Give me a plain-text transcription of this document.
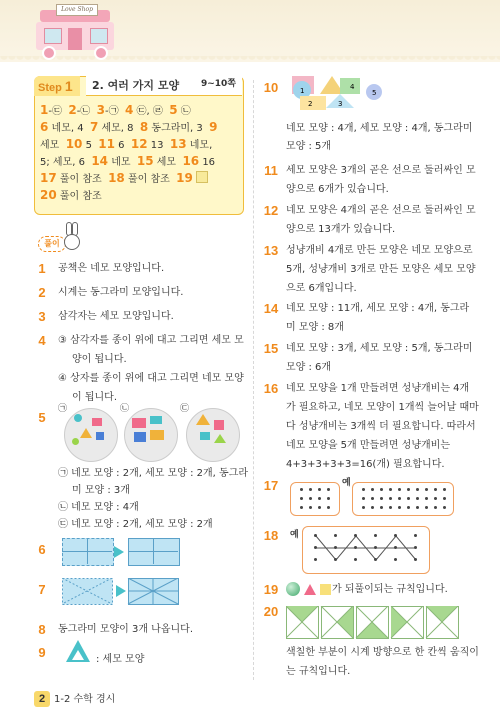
Love Shop
Step 1	2. 여러 가지 모양 9~10쪽
1-㉢  2-㉡  3-㉠  4 ㉢, ㉣  5 ㉡
6 네모, 4  7 세모, 8  8 동그라미, 3  9
세모  10 5  11 6  12 13  13 네모,
5; 세모, 6  14 네모  15 세모  16 16
17 풀이 참조  18 풀이 참조  19
20 풀이 참조
풀이
1	공책은 네모 모양입니다.
2	시계는 동그라미 모양입니다.
3	삼각자는 세모 모양입니다.
4	③ 삼각자를 종이 위에 대고 그리면 세모 모
양이 됩니다.
④ 상자를 종이 위에 대고 그리면 네모 모양
이 됩니다.
5
㉠	㉡	㉢
㉠ 네모 모양 : 2개, 세모 모양 : 2개, 동그라
미 모양 : 3개
㉡ 네모 모양 : 4개
㉢ 네모 모양 : 2개, 세모 모양 : 2개
6
7
8	동그라미 모양이 3개 나옵니다.
9	: 세모 모양
10	1
2	3
4
5
네모 모양 : 4개, 세모 모양 : 4개, 동그라미
모양 : 5개
11 세모 모양은 3개의 곧은 선으로 둘러싸인 모
양으로 6개가 있습니다.
12 네모 모양은 4개의 곧은 선으로 둘러싸인 모
양으로 13개가 있습니다.
13 성냥개비 4개로 만든 모양은 네모 모양으로
5개, 성냥개비 3개로 만든 모양은 세모 모양
으로 6개입니다.
14 네모 모양 : 11개, 세모 모양 : 4개, 동그라
미 모양 : 8개
15 네모 모양 : 3개, 세모 모양 : 5개, 동그라미
모양 : 6개
16 네모 모양을 1개 만들려면 성냥개비는 4개
가 필요하고, 네모 모양이 1개씩 늘어날 때마
다 성냥개비는 3개씩 더 필요합니다. 따라서
네모 모양을 5개 만들려면 성냥개비는
4+3+3+3+3=16(개) 필요합니다.
17	예
18 예
19	가 되풀이되는 규칙입니다.
20
색칠한 부분이 시계 방향으로 한 칸씩 움직이
는 규칙입니다.
2 1-2 수학 경시
